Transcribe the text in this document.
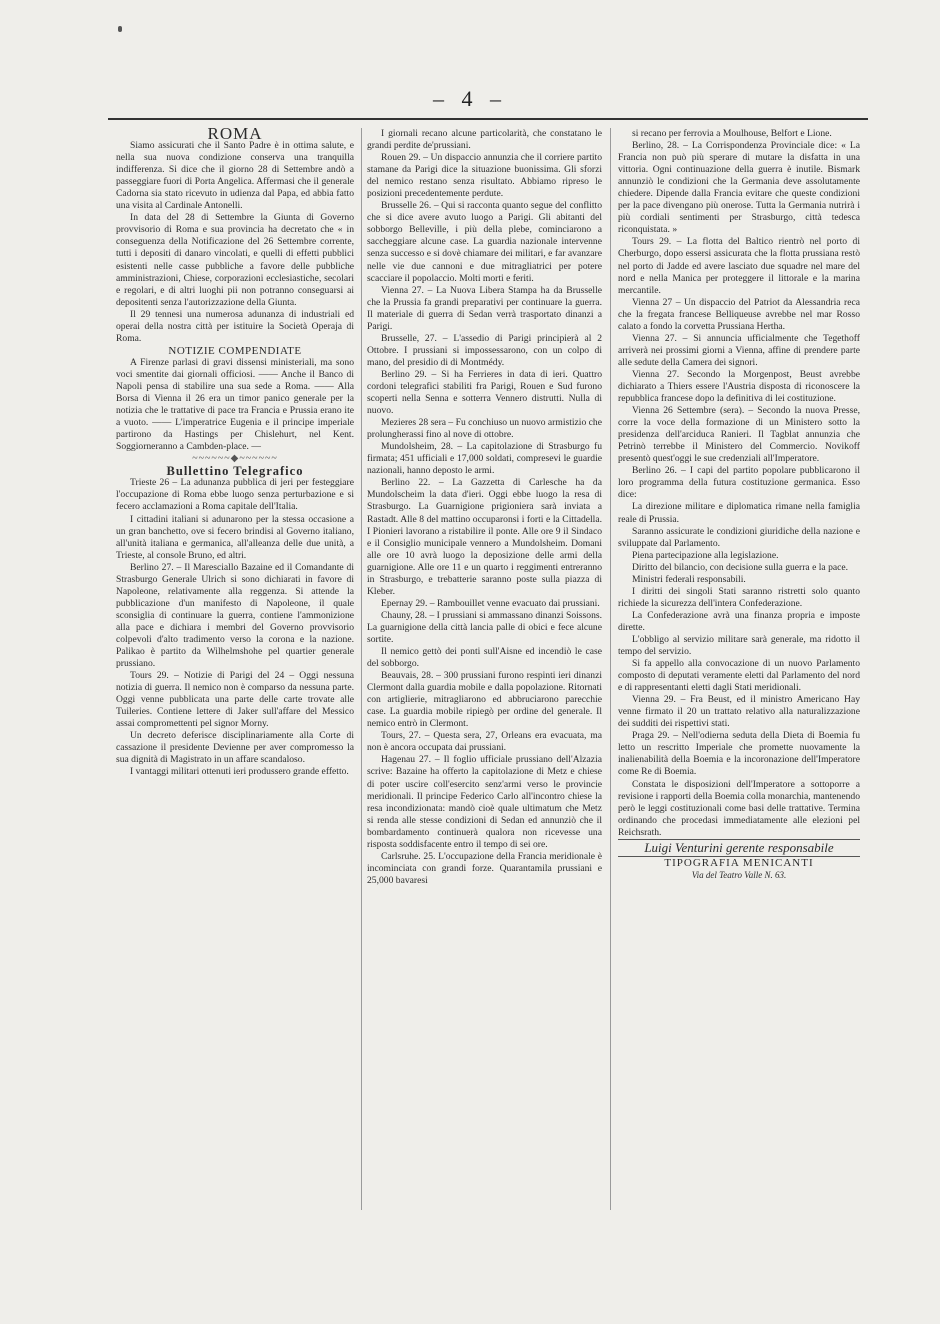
– 4 –

ROMA

Siamo assicurati che il Santo Padre è in ottima salute, e nella sua nuova condizione conserva una tranquilla indifferenza. Si dice che il giorno 28 di Settembre andò a passeggiare fuori di Porta Angelica. Affermasi che il generale Cadorna sia stato ricevuto in udienza dal Papa, ed abbia fatto una visita al Cardinale Antonelli.

In data del 28 di Settembre la Giunta di Governo provvisorio di Roma e sua provincia ha decretato che « in conseguenza della Notificazione del 26 Settembre corrente, tutti i depositi di danaro vincolati, e quelli di effetti pubblici esistenti nelle casse pubbliche a favore delle pubbliche amministrazioni, Chiese, corporazioni ecclesiastiche, secolari e regolari, e di altri luoghi pii non potranno conseguarsi ai depositenti senza l'autorizzazione della Giunta.

Il 29 tennesi una numerosa adunanza di industriali ed operai della nostra città per istituire la Società Operaja di Roma.

NOTIZIE COMPENDIATE

A Firenze parlasi di gravi dissensi ministeriali, ma sono voci smentite dai giornali officiosi. —— Anche il Banco di Napoli pensa di stabilire una sua sede a Roma. —— Alla Borsa di Vienna il 26 era un timor panico generale per la notizia che le trattative di pace tra Francia e Prussia erano ite a vuoto. —— L'imperatrice Eugenia e il principe imperiale partirono da Hastings per Chislehurt, nel Kent. Soggiorneranno a Cambden-place. —

~~~~~~◆~~~~~~

Bullettino Telegrafico

Trieste 26 – La adunanza pubblica di jeri per festeggiare l'occupazione di Roma ebbe luogo senza perturbazione e si fecero acclamazioni a Roma capitale dell'Italia.

I cittadini italiani si adunarono per la stessa occasione a un gran banchetto, ove si fecero brindisi al Governo italiano, all'unità italiana e germanica, all'alleanza delle due unità, a Trieste, al console Bruno, ed altri.

Berlino 27. – Il Maresciallo Bazaine ed il Comandante di Strasburgo Generale Ulrich si sono dichiarati in favore di Napoleone, relativamente alla reggenza. Si attende la pubblicazione d'un manifesto di Napoleone, il quale sconsiglia di continuare la guerra, contiene l'ammonizione alla pace e dichiara i membri del Governo provvisorio colpevoli d'alto tradimento verso la corona e la nazione. Palikao è partito da Wilhelmshohe pel quartier generale prussiano.

Tours 29. – Notizie di Parigi del 24 – Oggi nessuna notizia di guerra. Il nemico non è comparso da nessuna parte. Oggi venne pubblicata una parte delle carte trovate alle Tuileries. Contiene lettere di Jaker sull'affare del Messico assai compromettenti pel signor Morny.

Un decreto deferisce disciplinariamente alla Corte di cassazione il presidente Devienne per aver compromesso la sua dignità di Magistrato in un affare scandaloso.

I vantaggi militari ottenuti ieri produssero grande effetto.

I giornali recano alcune particolarità, che constatano le grandi perdite de'prussiani.

Rouen 29. – Un dispaccio annunzia che il corriere partito stamane da Parigi dice la situazione buonissima. Gli sforzi del nemico restano senza risultato. Abbiamo ripreso le posizioni precedentemente perdute.

Brusselle 26. – Qui si racconta quanto segue del conflitto che si dice avere avuto luogo a Parigi. Gli abitanti del sobborgo Belleville, i più della plebe, cominciarono a saccheggiare alcune case. La guardia nazionale intervenne senza successo e si dovè chiamare dei militari, e far avanzare nelle vie due cannoni e due mitragliatrici per potere scacciare il popolaccio. Molti morti e feriti.

Vienna 27. – La Nuova Libera Stampa ha da Brusselle che la Prussia fa grandi preparativi per continuare la guerra. Il materiale di guerra di Sedan verrà trasportato dinanzi a Parigi.

Brusselle, 27. – L'assedio di Parigi principierà al 2 Ottobre. I prussiani si impossessarono, con un colpo di mano, del presidio di di Montmédy.

Berlino 29. – Si ha Ferrieres in data di ieri. Quattro cordoni telegrafici stabiliti fra Parigi, Rouen e Sud furono scoperti nella Senna e sotterra Vennero distrutti. Nulla di nuovo.

Mezieres 28 sera – Fu conchiuso un nuovo armistizio che prolungherassi fino al nove di ottobre.

Mundolsheim, 28. – La capitolazione di Strasburgo fu firmata; 451 ufficiali e 17,000 soldati, compresevi le guardie nazionali, hanno deposto le armi.

Berlino 22. – La Gazzetta di Carlesche ha da Mundolscheim la data d'ieri. Oggi ebbe luogo la resa di Strasburgo. La Guarnigione prigioniera sarà inviata a Rastadt. Alle 8 del mattino occuparonsi i forti e la Cittadella. I Pionieri lavorano a ristabilire il ponte. Alle ore 9 il Sindaco e il Consiglio municipale vennero a Mundolsheim. Domani alle ore 10 avrà luogo la deposizione delle armi della guarnigione. Alle ore 11 e un quarto i reggimenti entreranno in Strasburgo, e trebatterie saranno poste sulla piazza di Kleber.

Epernay 29. – Rambouillet venne evacuato dai prussiani.

Chauny, 28. – I prussiani si ammassano dinanzi Soissons. La guarnigione della città lancia palle di obici e fece alcune sortite.

Il nemico gettò dei ponti sull'Aisne ed incendiò le case del sobborgo.

Beauvais, 28. – 300 prussiani furono respinti ieri dinanzi Clermont dalla guardia mobile e dalla popolazione. Ritornati con artiglierie, mitragliarono ed abbruciarono parecchie case. La guardia mobile ripiegò per ordine del generale. Il nemico entrò in Clermont.

Tours, 27. – Questa sera, 27, Orleans era evacuata, ma non è ancora occupata dai prussiani.

Hagenau 27. – Il foglio ufficiale prussiano dell'Alzazia scrive: Bazaine ha offerto la capitolazione di Metz e chiese di poter uscire coll'esercito senz'armi verso le provincie meridionali. Il principe Federico Carlo all'incontro chiese la resa incondizionata: mandò cioè quale ultimatum che Metz si renda alle stesse condizioni di Sedan ed annunziò che il bombardamento continuerà qualora non ricevesse una risposta soddisfacente entro il tempo di sei ore.

Carlsruhe. 25. L'occupazione della Francia meridionale è incominciata con grandi forze. Quarantamila prussiani e 25,000 bavaresi

si recano per ferrovia a Moulhouse, Belfort e Lione.

Berlino, 28. – La Corrispondenza Provinciale dice: « La Francia non può più sperare di mutare la disfatta in una vittoria. Ogni continuazione della guerra è inutile. Bismark annunziò le condizioni che la Germania deve assolutamente chiedere. Dipende dalla Francia evitare che queste condizioni per la pace divengano più onerose. Tutta la Germania nutrirà i più cordiali sentimenti per Strasburgo, città tedesca riconquistata. »

Tours 29. – La flotta del Baltico rientrò nel porto di Cherburgo, dopo essersi assicurata che la flotta prussiana restò nel porto di Jadde ed avere lasciato due squadre nel mare del nord e nella Manica per proteggere il littorale e la marina mercantile.

Vienna 27 – Un dispaccio del Patriot da Alessandria reca che la fregata francese Belliqueuse avrebbe nel mar Rosso calato a fondo la corvetta Prussiana Hertha.

Vienna 27. – Si annuncia ufficialmente che Tegethoff arriverà nei prossimi giorni a Vienna, affine di prendere parte alle sedute della Camera dei signori.

Vienna 27. Secondo la Morgenpost, Beust avrebbe dichiarato a Thiers essere l'Austria disposta di riconoscere la repubblica francese dopo la definitiva di lei costituzione.

Vienna 26 Settembre (sera). – Secondo la nuova Presse, corre la voce della formazione di un Ministero sotto la presidenza dell'arciduca Ranieri. Il Tagblat annunzia che Petrinò terrebbe il Ministero del Commercio. Novikoff presentò quest'oggi le sue credenziali all'Imperatore.

Berlino 26. – I capi del partito popolare pubblicarono il loro programma della futura costituzione germanica. Esso dice:

La direzione militare e diplomatica rimane nella famiglia reale di Prussia.

Saranno assicurate le condizioni giuridiche della nazione e sviluppate dal Parlamento.

Piena partecipazione alla legislazione.

Diritto del bilancio, con decisione sulla guerra e la pace.

Ministri federali responsabili.

I diritti dei singoli Stati saranno ristretti solo quanto richiede la sicurezza dell'intera Confederazione.

La Confederazione avrà una finanza propria e imposte dirette.

L'obbligo al servizio militare sarà generale, ma ridotto il tempo del servizio.

Si fa appello alla convocazione di un nuovo Parlamento composto di deputati veramente eletti dal Parlamento del nord e di rappresentanti eletti dagli Stati meridionali.

Vienna 29. – Fra Beust, ed il ministro Americano Hay venne firmato il 20 un trattato relativo alla naturalizzazione dei sudditi dei rispettivi stati.

Praga 29. – Nell'odierna seduta della Dieta di Boemia fu letto un rescritto Imperiale che promette nuovamente la inalienabilità della Boemia e la incoronazione dell'Imperatore come Re di Boemia.

Constata le disposizioni dell'Imperatore a sottoporre a revisione i rapporti della Boemia colla monarchia, mantenendo però le leggi costituzionali come basi delle trattative. Termina ordinando che procedasi immediatamente alle elezioni pel Reichsrath.

Luigi Venturini gerente responsabile

TIPOGRAFIA MENICANTI

Via del Teatro Valle N. 63.
